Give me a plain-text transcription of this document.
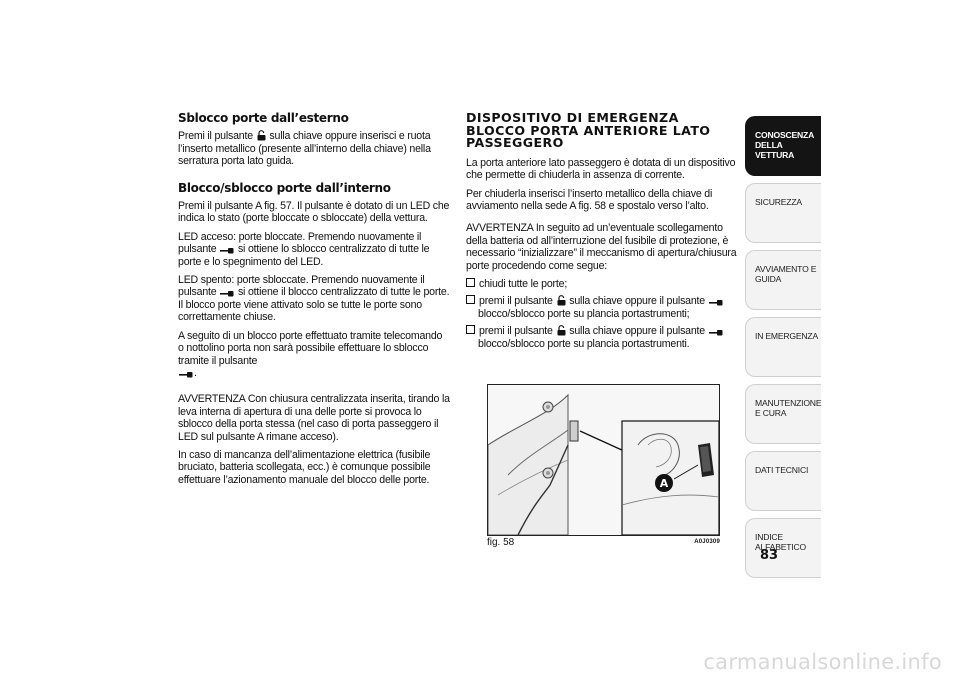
Sblocco porte dall’esterno

Premi il pulsante sulla chiave oppure inserisci e ruota l’inserto metallico (presente all’interno della chiave) nella serratura porta lato guida.

Blocco/sblocco porte dall’interno

Premi il pulsante A fig. 57. Il pulsante è dotato di un LED che indica lo stato (porte bloccate o sbloccate) della vettura.

LED acceso: porte bloccate. Premendo nuovamente il pulsante si ottiene lo sblocco centralizzato di tutte le porte e lo spegnimento del LED.

LED spento: porte sbloccate. Premendo nuovamente il pulsante si ottiene il blocco centralizzato di tutte le porte. Il blocco porte viene attivato solo se tutte le porte sono correttamente chiuse.

A seguito di un blocco porte effettuato tramite telecomando o nottolino porta non sarà possibile effettuare lo sblocco tramite il pulsante
.

AVVERTENZA Con chiusura centralizzata inserita, tirando la leva interna di apertura di una delle porte si provoca lo sblocco della porta stessa (nel caso di porta passeggero il LED sul pulsante A rimane acceso).

In caso di mancanza dell’alimentazione elettrica (fusibile bruciato, batteria scollegata, ecc.) è comunque possibile effettuare l’azionamento manuale del blocco delle porte.

DISPOSITIVO DI EMERGENZA BLOCCO PORTA ANTERIORE LATO PASSEGGERO

La porta anteriore lato passeggero è dotata di un dispositivo che permette di chiuderla in assenza di corrente.

Per chiuderla inserisci l’inserto metallico della chiave di avviamento nella sede A fig. 58 e spostalo verso l’alto.

AVVERTENZA In seguito ad un’eventuale scollegamento della batteria od all’interruzione del fusibile di protezione, è necessario “inizializzare” il meccanismo di apertura/chiusura porte procedendo come segue:

chiudi tutte le porte;
premi il pulsante sulla chiave oppure il pulsante  blocco/sblocco porte su plancia portastrumenti;
premi il pulsante sulla chiave oppure il pulsante  blocco/sblocco porte su plancia portastrumenti.
A
fig. 58	A0J0309
CONOSCENZA DELLA VETTURA
SICUREZZA
AVVIAMENTO E GUIDA
IN EMERGENZA
MANUTENZIONE E CURA
DATI TECNICI
INDICE ALFABETICO
83
carmanualsonline.info
